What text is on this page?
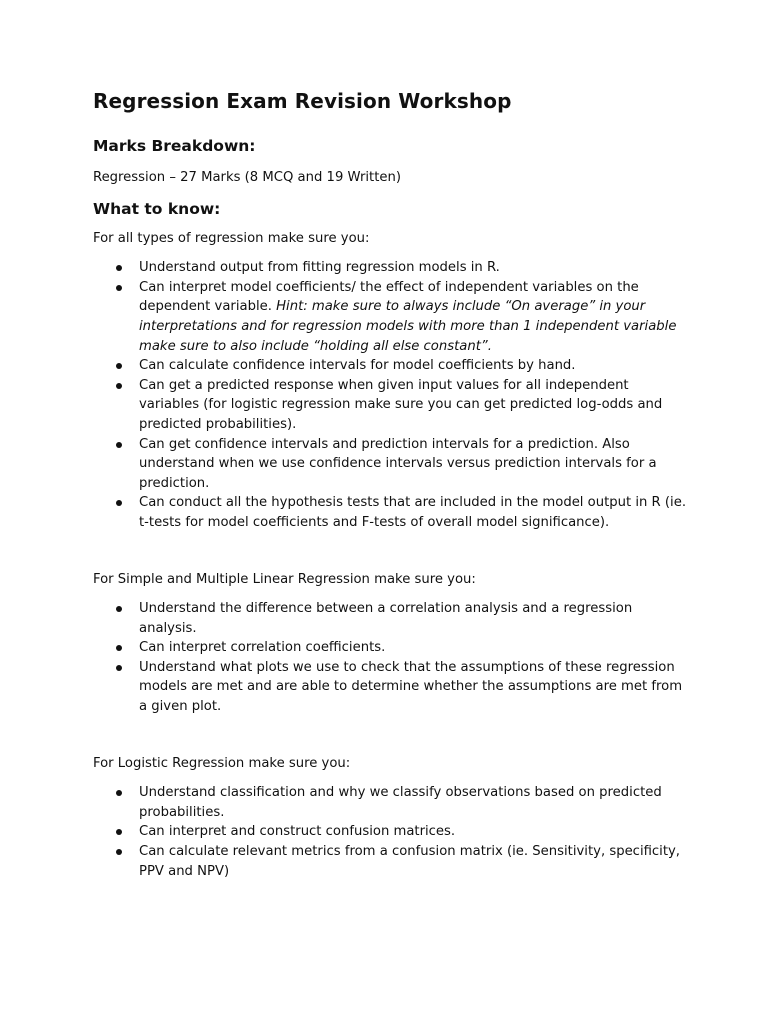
Regression Exam Revision Workshop
Marks Breakdown:

Regression – 27 Marks (8 MCQ and 19 Written)

What to know:

For all types of regression make sure you:

Understand output from fitting regression models in R.
Can interpret model coefficients/ the effect of independent variables on the dependent variable. Hint: make sure to always include “On average” in your interpretations and for regression models with more than 1 independent variable make sure to also include “holding all else constant”.
Can calculate confidence intervals for model coefficients by hand.
Can get a predicted response when given input values for all independent variables (for logistic regression make sure you can get predicted log-odds and predicted probabilities).
Can get confidence intervals and prediction intervals for a prediction. Also understand when we use confidence intervals versus prediction intervals for a prediction.
Can conduct all the hypothesis tests that are included in the model output in R (ie. t-tests for model coefficients and F-tests of overall model significance).

For Simple and Multiple Linear Regression make sure you:

Understand the difference between a correlation analysis and a regression analysis.
Can interpret correlation coefficients.
Understand what plots we use to check that the assumptions of these regression models are met and are able to determine whether the assumptions are met from a given plot.

For Logistic Regression make sure you:

Understand classification and why we classify observations based on predicted probabilities.
Can interpret and construct confusion matrices.
Can calculate relevant metrics from a confusion matrix (ie. Sensitivity, specificity, PPV and NPV)
